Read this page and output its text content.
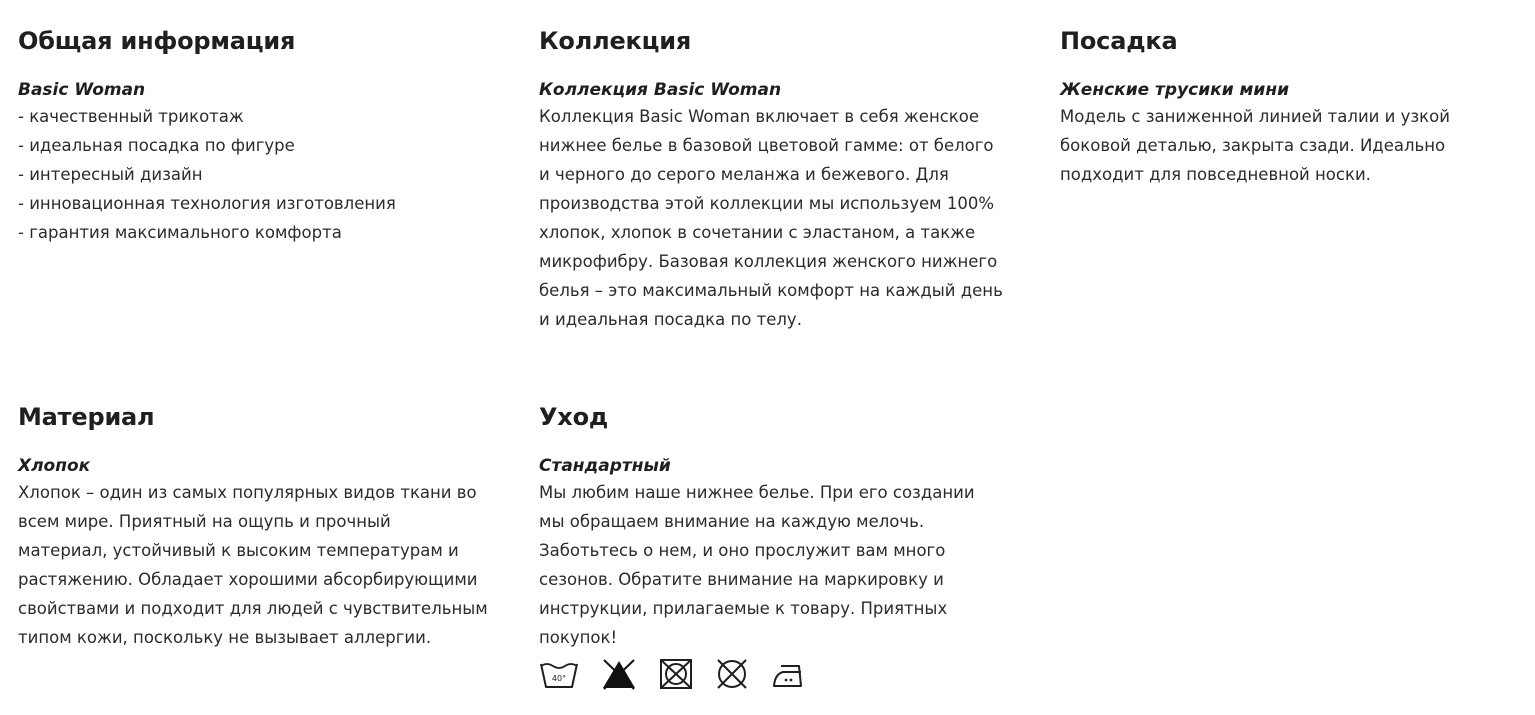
Общая информация
Basic Woman
- качественный трикотаж
- идеальная посадка по фигуре
- интересный дизайн
- инновационная технология изготовления
- гарантия максимального комфорта
Коллекция
Коллекция Basic Woman
Коллекция Basic Woman включает в себя женское
нижнее белье в базовой цветовой гамме: от белого
и черного до серого меланжа и бежевого. Для
производства этой коллекции мы используем 100%
хлопок, хлопок в сочетании с эластаном, а также
микрофибру. Базовая коллекция женского нижнего
белья – это максимальный комфорт на каждый день
и идеальная посадка по телу.
Посадка
Женские трусики мини
Модель с заниженной линией талии и узкой
боковой деталью, закрыта сзади. Идеально
подходит для повседневной носки.
Материал
Хлопок
Хлопок – один из самых популярных видов ткани во
всем мире. Приятный на ощупь и прочный
материал, устойчивый к высоким температурам и
растяжению. Обладает хорошими абсорбирующими
свойствами и подходит для людей с чувствительным
типом кожи, поскольку не вызывает аллергии.
Уход
Стандартный
Мы любим наше нижнее белье. При его создании
мы обращаем внимание на каждую мелочь.
Заботьтесь о нем, и оно прослужит вам много
сезонов. Обратите внимание на маркировку и
инструкции, прилагаемые к товару. Приятных
покупок!
40°
